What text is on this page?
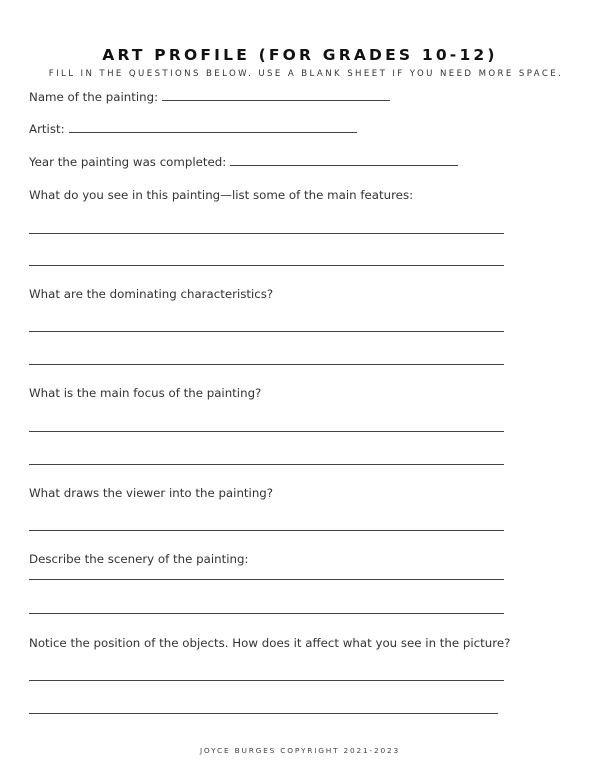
ART PROFILE (FOR GRADES 10-12)
FILL IN THE QUESTIONS BELOW. USE A BLANK SHEET IF YOU NEED MORE SPACE.
Name of the painting:
Artist:
Year the painting was completed:
What do you see in this painting—list some of the main features:
What are the dominating characteristics?
What is the main focus of the painting?
What draws the viewer into the painting?
Describe the scenery of the painting:
Notice the position of the objects. How does it affect what you see in the picture?
JOYCE BURGES COPYRIGHT 2021-2023
